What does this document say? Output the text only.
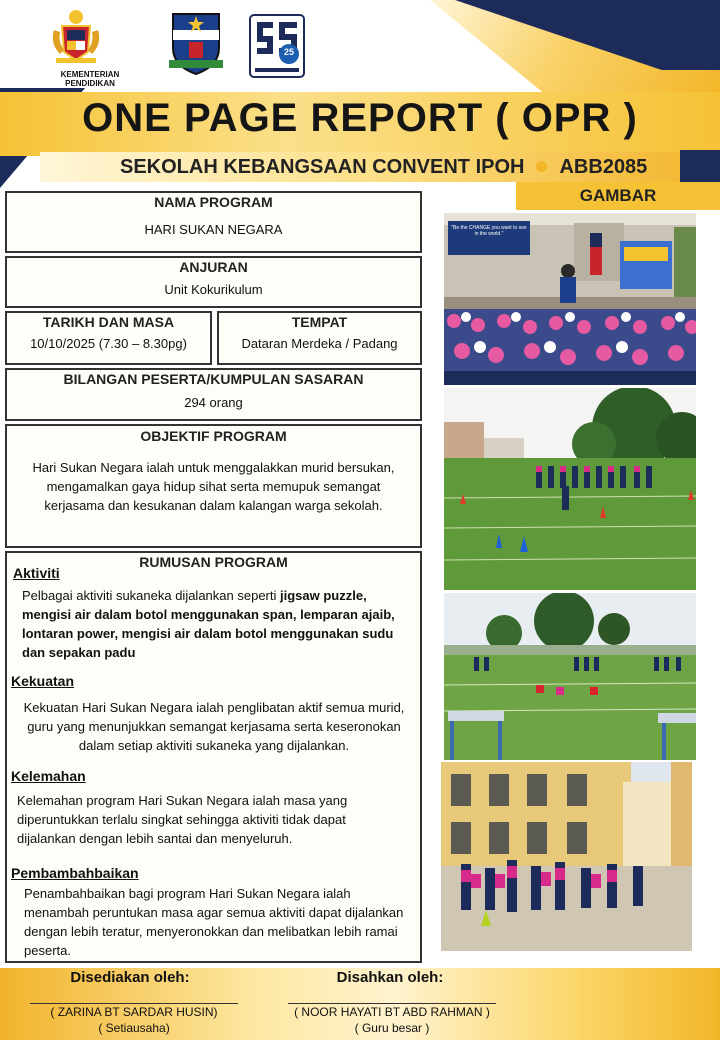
ONE PAGE REPORT ( OPR )
SEKOLAH KEBANGSAAN CONVENT IPOH ABB2085
GAMBAR
KEMENTERIAN PENDIDIKAN
25
NAMA PROGRAM
HARI SUKAN NEGARA
ANJURAN
Unit Kokurikulum
TARIKH DAN MASA
10/10/2025 (7.30 – 8.30pg)
TEMPAT
Dataran Merdeka / Padang
BILANGAN PESERTA/KUMPULAN SASARAN
294 orang
OBJEKTIF PROGRAM
Hari Sukan Negara ialah untuk menggalakkan murid bersukan, mengamalkan gaya hidup sihat serta memupuk semangat kerjasama dan kesukanan dalam kalangan warga sekolah.
RUMUSAN PROGRAM
Aktiviti
Pelbagai aktiviti sukaneka dijalankan seperti jigsaw puzzle, mengisi air dalam botol menggunakan span, lemparan ajaib, lontaran power, mengisi air dalam botol menggunakan sudu dan sepakan padu
Kekuatan
Kekuatan Hari Sukan Negara ialah penglibatan aktif semua murid, guru yang menunjukkan semangat kerjasama serta keseronokan dalam setiap aktiviti sukaneka yang dijalankan.
Kelemahan
Kelemahan program Hari Sukan Negara ialah masa yang diperuntukkan terlalu singkat sehingga aktiviti tidak dapat dijalankan dengan lebih santai dan menyeluruh.
Pembambahbaikan
Penambahbaikan bagi program Hari Sukan Negara ialah menambah peruntukan masa agar semua aktiviti dapat dijalankan dengan lebih teratur, menyeronokkan dan melibatkan lebih ramai peserta.
"Be the CHANGE you want to see in the world."
Disediakan oleh:
( ZARINA BT SARDAR HUSIN)
( Setiausaha)
Disahkan oleh:
( NOOR HAYATI BT ABD RAHMAN )
( Guru besar )
